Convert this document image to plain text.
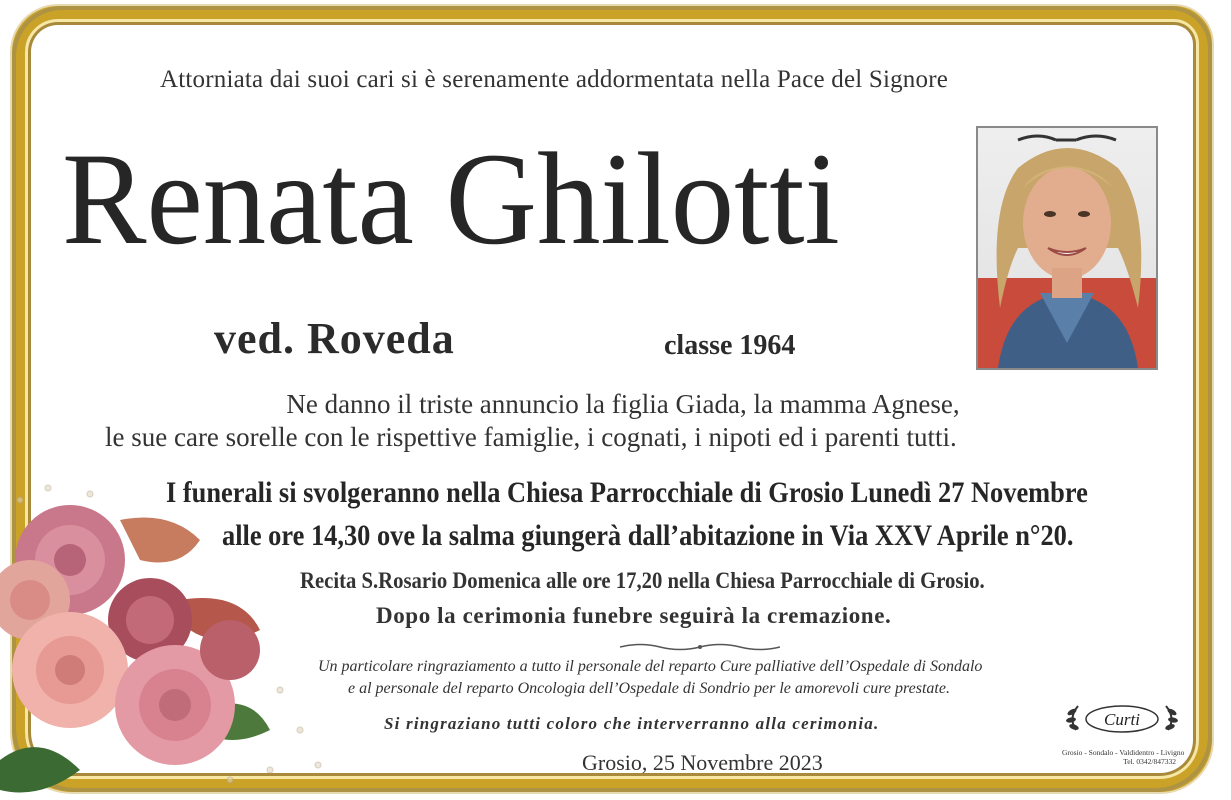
Attorniata dai suoi cari si è serenamente addormentata nella Pace del Signore
Renata Ghilotti
ved. Roveda	classe 1964
Ne danno il triste annuncio la figlia Giada, la mamma Agnese,
le sue care sorelle con le rispettive famiglie, i cognati, i nipoti ed i parenti tutti.
I funerali si svolgeranno nella Chiesa Parrocchiale di Grosio Lunedì 27 Novembre
alle ore 14,30 ove la salma giungerà dall’abitazione in Via XXV Aprile n°20.
Recita S.Rosario Domenica alle ore 17,20 nella Chiesa Parrocchiale di Grosio.
Dopo la cerimonia funebre seguirà la cremazione.
Un particolare ringraziamento a tutto il personale del reparto Cure palliative dell’Ospedale di Sondalo
e al personale del reparto Oncologia dell’Ospedale di Sondrio per le amorevoli cure prestate.
Si ringraziano tutti coloro che interverranno alla cerimonia.
Grosio, 25 Novembre 2023
Curti
Grosio - Sondalo - Valdidentro - Livigno
Tel. 0342/847332
